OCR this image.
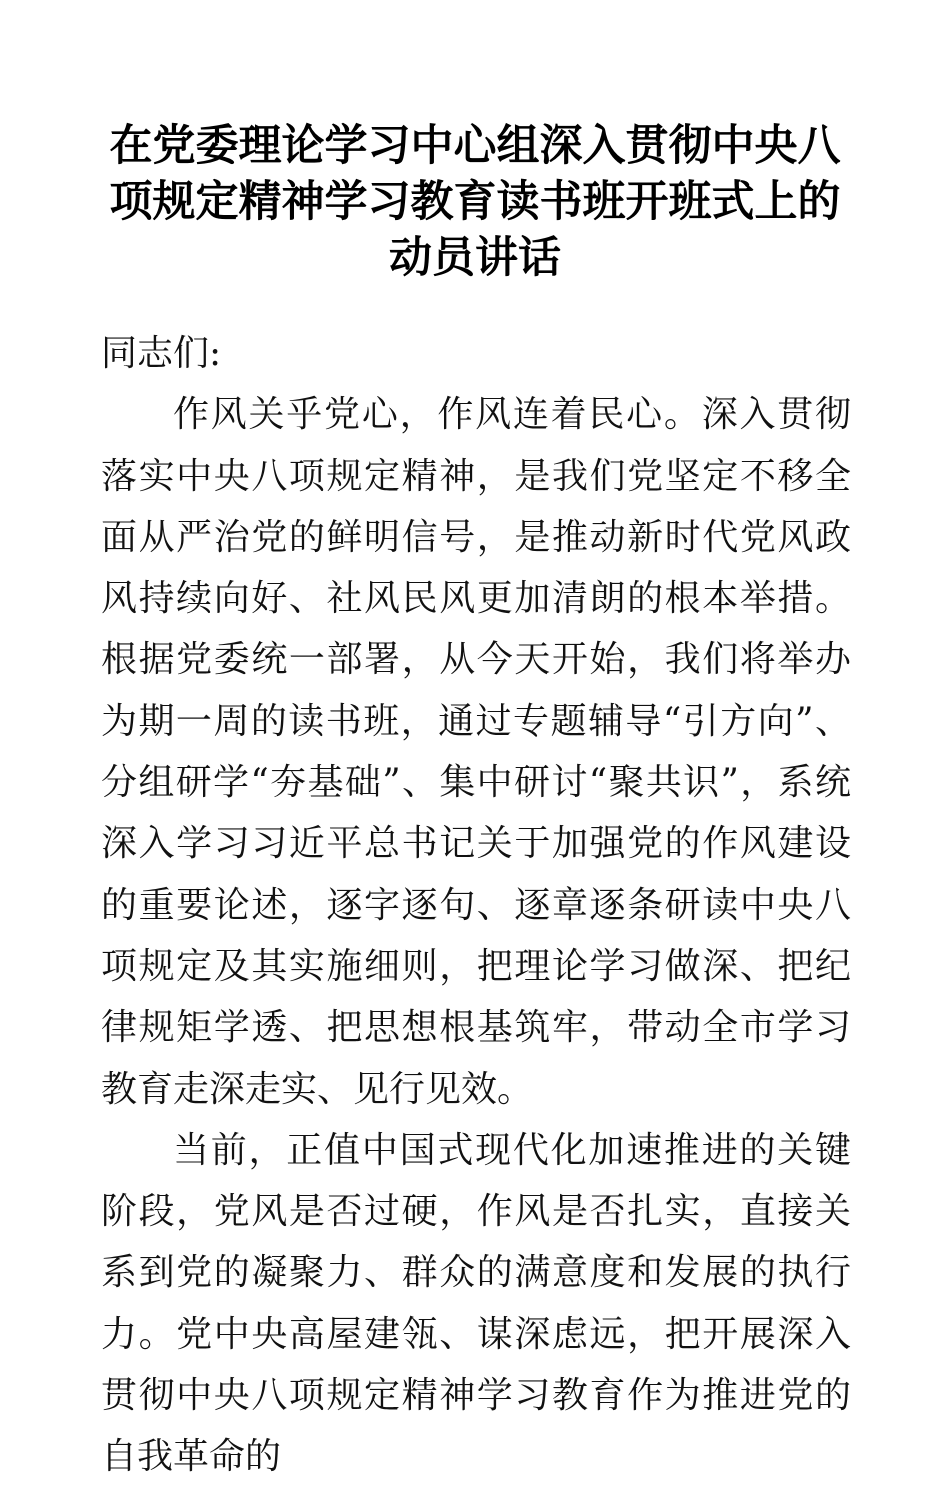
在党委理论学习中心组深入贯彻中央八项规定精神学习教育读书班开班式上的动员讲话

同志们:

作风关乎党心，作风连着民心。深入贯彻落实中央八项规定精神，是我们党坚定不移全面从严治党的鲜明信号，是推动新时代党风政风持续向好、社风民风更加清朗的根本举措。根据党委统一部署，从今天开始，我们将举办为期一周的读书班，通过专题辅导“引方向”、分组研学“夯基础”、集中研讨“聚共识”，系统深入学习习近平总书记关于加强党的作风建设的重要论述，逐字逐句、逐章逐条研读中央八项规定及其实施细则，把理论学习做深、把纪律规矩学透、把思想根基筑牢，带动全市学习教育走深走实、见行见效。

当前，正值中国式现代化加速推进的关键阶段，党风是否过硬，作风是否扎实，直接关系到党的凝聚力、群众的满意度和发展的执行力。党中央高屋建瓴、谋深虑远，把开展深入贯彻中央八项规定精神学习教育作为推进党的自我革命的
